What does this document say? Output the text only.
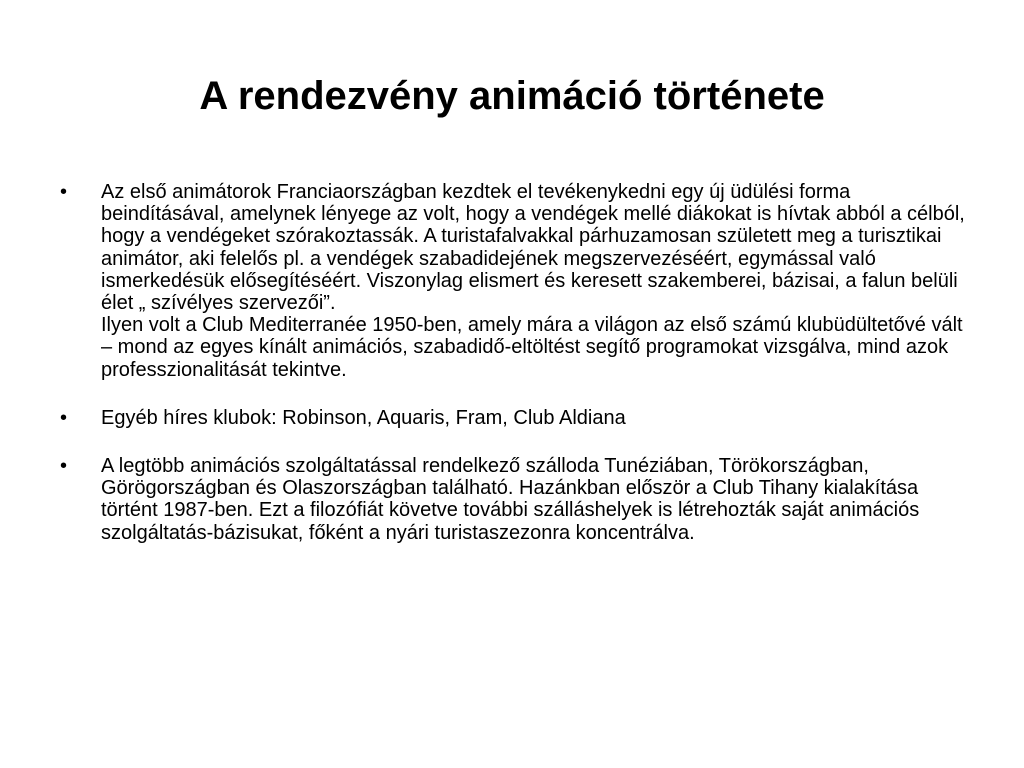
A rendezvény animáció története
•	Az első animátorok Franciaországban kezdtek el tevékenykedni egy új üdülési forma beindításával, amelynek lényege az volt, hogy a vendégek mellé diákokat is hívtak abból a célból, hogy a vendégeket szórakoztassák. A turistafalvakkal párhuzamosan született meg a turisztikai animátor, aki felelős pl. a vendégek szabadidejének megszervezéséért, egymással való ismerkedésük elősegítéséért. Viszonylag elismert és keresett szakemberei, bázisai, a falun belüli élet „ szívélyes szervezői”.
Ilyen volt a Club Mediterranée 1950-ben, amely mára a világon az első számú klubüdültetővé vált – mond az egyes kínált animációs, szabadidő-eltöltést segítő programokat vizsgálva, mind azok professzionalitását tekintve.
•	Egyéb híres klubok: Robinson, Aquaris, Fram, Club Aldiana
•	A legtöbb animációs szolgáltatással rendelkező szálloda Tunéziában, Törökországban, Görögországban és Olaszországban található. Hazánkban először a Club Tihany kialakítása történt 1987-ben. Ezt a filozófiát követve további szálláshelyek is létrehozták saját animációs szolgáltatás-bázisukat, főként a nyári turistaszezonra koncentrálva.
